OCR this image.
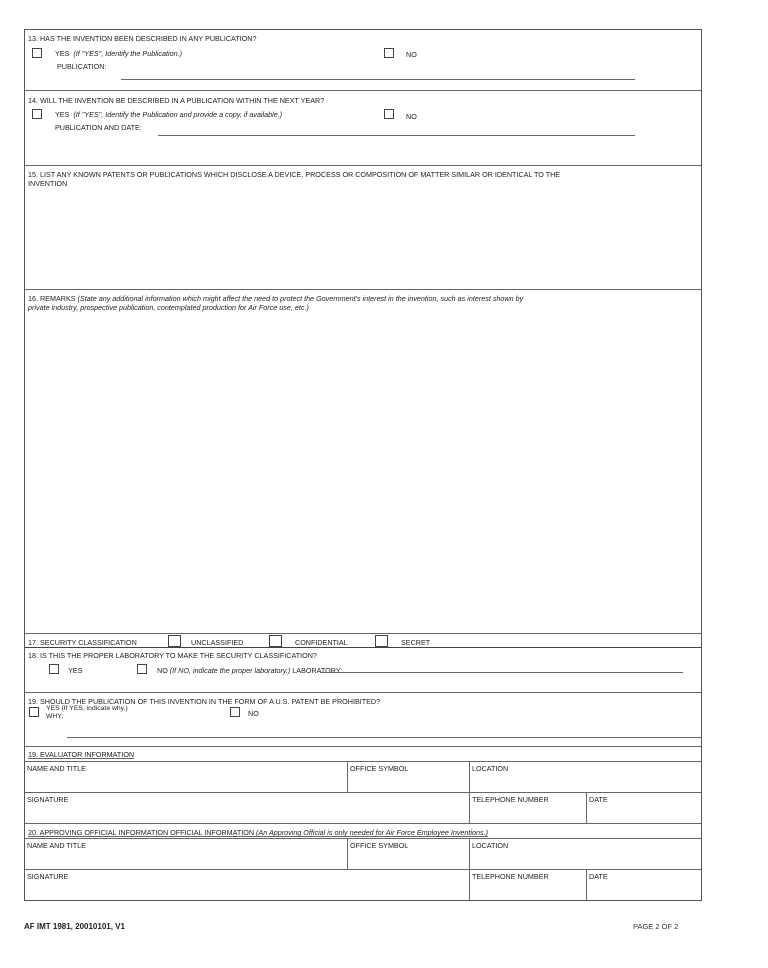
13. HAS THE INVENTION BEEN DESCRIBED IN ANY PUBLICATION?
YES (If "YES", Identify the Publication.)	NO
PUBLICATION:
14. WILL THE INVENTION BE DESCRIBED IN A PUBLICATION WITHIN THE NEXT YEAR?
YES (If "YES", Identify the Publication and provide a copy, if available.)	NO
PUBLICATION AND DATE:
15. LIST ANY KNOWN PATENTS OR PUBLICATIONS WHICH DISCLOSE A DEVICE, PROCESS OR COMPOSITION OF MATTER SIMILAR OR IDENTICAL TO THE
INVENTION
16. REMARKS (State any additional information which might affect the need to protect the Government's interest in the invention, such as interest shown by
private industry, prospective publication, contemplated production for Air Force use, etc.)
17. SECURITY CLASSIFICATION	UNCLASSIFIED	CONFIDENTIAL	SECRET
18. IS THIS THE PROPER LABORATORY TO MAKE THE SECURITY CLASSIFICATION?
YES	NO (If NO, indicate the proper laboratory.) LABORATORY:
19. SHOULD THE PUBLICATION OF THIS INVENTION IN THE FORM OF A U.S. PATENT BE PROHIBITED?
YES (If YES, indicate why.)
WHY:	NO
19. EVALUATOR INFORMATION
NAME AND TITLE	OFFICE SYMBOL	LOCATION
SIGNATURE	TELEPHONE NUMBER	DATE
20. APPROVING OFFICIAL INFORMATION OFFICIAL INFORMATION (An Approving Official is only needed for Air Force Employee Inventions.)
NAME AND TITLE	OFFICE SYMBOL	LOCATION
SIGNATURE	TELEPHONE NUMBER	DATE
AF IMT 1981, 20010101, V1	PAGE 2 OF 2
